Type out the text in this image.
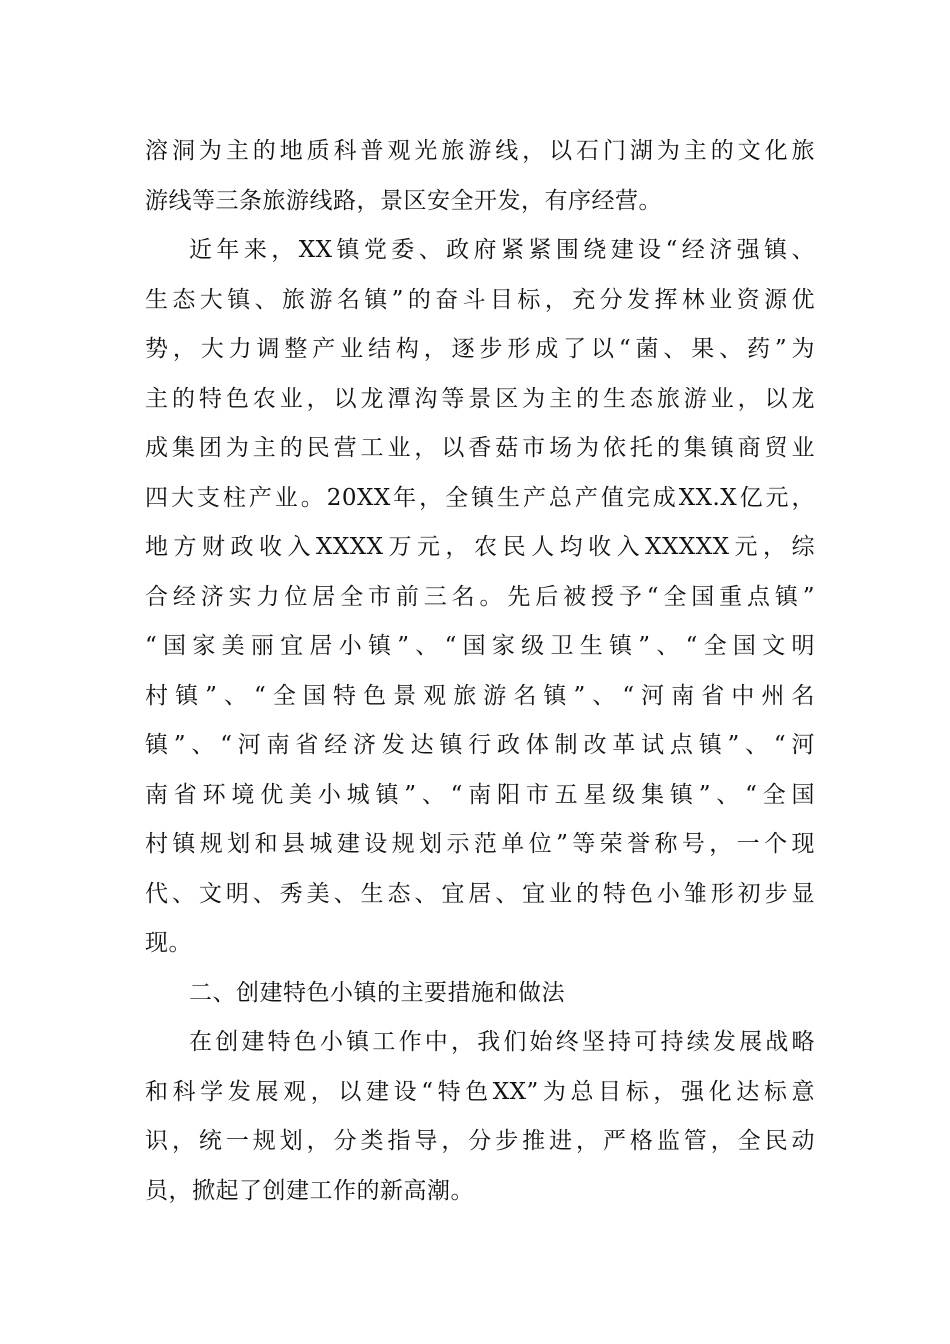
溶洞为主的地质科普观光旅游线，以石门湖为主的文化旅
游线等三条旅游线路，景区安全开发，有序经营。
近年来，XX镇党委、政府紧紧围绕建设“经济强镇、
生态大镇、旅游名镇”的奋斗目标，充分发挥林业资源优
势，大力调整产业结构，逐步形成了以“菌、果、药”为
主的特色农业，以龙潭沟等景区为主的生态旅游业，以龙
成集团为主的民营工业，以香菇市场为依托的集镇商贸业
四大支柱产业。20XX年，全镇生产总产值完成XX.X亿元，
地方财政收入XXXX万元，农民人均收入XXXXX元，综
合经济实力位居全市前三名。先后被授予“全国重点镇”
“国家美丽宜居小镇”、“国家级卫生镇”、“全国文明
村镇”、“全国特色景观旅游名镇”、“河南省中州名
镇”、“河南省经济发达镇行政体制改革试点镇”、“河
南省环境优美小城镇”、“南阳市五星级集镇”、“全国
村镇规划和县城建设规划示范单位”等荣誉称号，一个现
代、文明、秀美、生态、宜居、宜业的特色小雏形初步显
现。
二、创建特色小镇的主要措施和做法
在创建特色小镇工作中，我们始终坚持可持续发展战略
和科学发展观，以建设“特色XX”为总目标，强化达标意
识，统一规划，分类指导，分步推进，严格监管，全民动
员，掀起了创建工作的新高潮。
